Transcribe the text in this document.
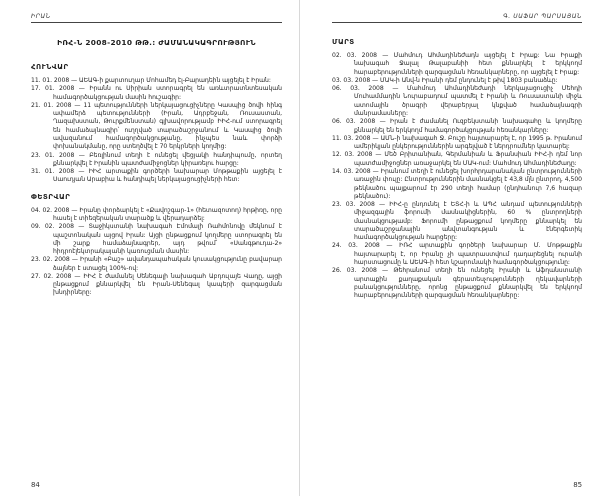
ԻՐԱՆ
ԻՌՀ-Ն 2008-2010 ԹԹ.: ԺԱՄԱՆԱԿԱԳՐՈՒԹՅՈՒՆ
ՀՈՒՆՎԱՐ
11. 01. 2008 — ԱԵԱԳ-ի քարտուղար Մոհամեդ էլ-Բարադեին այցելել է Իրան:
17. 01. 2008 — Իրանն ու Սիրիան ստորագրել են առևտրատնտեսական համագործակցության մասին հուշագիր:
21. 01. 2008 — 11 պետությունների ներկայացուցիչները Կասպից ծովի հինգ ափամերձ պետությունների (Իրան, Ադրբեջան, Ռուսաստան, Ղազախստան, Թուրքմենստան) գլխավորությամբ ԻԻՀ-ում ստորագրել են համաձայնագիր՝ ուղղված տարածաշրջանում և Կասպից ծովի ավազանում համագործակցությանը, ինչպես նաև փորձի փոխանակմանը, որը ստեղծվել է 70 երկրների կողմից:
23. 01. 2008 — Բեռլինում տեղի է ունեցել վեցյակի հանդիպումը, որտեղ քննարկվել է Իրանին պատժամիջոցներ կիրառելու հարցը:
31. 01. 2008 — ԻԻՀ արտաքին գործերի նախարար Մոթթաքին այցելել է Սաուդյան Արաբիա և հանդիպել ներկայացուցիչների հետ:
ՓԵՏՐՎԱՐ
04. 02. 2008 — Իրանը փորձարկել է «Քավոշգար-1» (հետազոտող) հրթիռը, որը հասել է տիեզերական տարածք և վերադարձել:
09. 02. 2008 — Տաջիկստանի նախագահ Էմոմալի Ռահմոնովը մեկնում է պաշտոնական այցով Իրան: Այցի ընթացքում կողմերը ստորագրել են մի շարք համաձայնագրեր, այդ թվում՝ «Սանգթուդա-2» հիդրոէլեկտրակայանի կառուցման մասին:
23. 02. 2008 — Իրանի «Բաշ» ավանդապահական կուսակցությունը բավարար ձայներ է ստացել 100%-ով:
27. 02. 2008 — ԻԻՀ է ժամանել Սենեգալի նախագահ Աբդուլայե Վադը, այցի ընթացքում քննարկվել են Իրան-Սենեգալ կապերի զարգացման խնդիրները:
84
Գ. ՍԱՖԱՐ ՊԱՐՍԱՅԱՆ
ՄԱՐՏ
02. 03. 2008 — Մահմուդ Ահմադինեժադն այցելել է Իրաք: Նա Իրաքի նախագահ Ջալալ Թալաբանիի հետ քննարկել է երկկողմ հարաբերությունների զարգացման հեռանկարները, որ այցելել է Իրաք:
03. 03. 2008 — ՄԱԿ-ի Անվ-ն Իրանի դեմ ընդունել է թիվ 1803 բանաձևը:
06. 03. 2008 — Մահմուդ Ահմադինեժադի ներկայացուցիչ Մեհդի Մուհամմադին Նուրաբադում պատմել է Իրանի և Ռուսաստանի միջև ատոմային ծրագրի վերաբերյալ կնքված համաձայնագրի մանրամասները:
06. 03. 2008 — Իրան է ժամանել Ուզբեկստանի նախագահը և կողմերը քննարկել են երկկողմ համագործակցության հեռանկարները:
11. 03. 2008 — ԱՄՆ-ի նախագահ Ջ. Բուշը հայտարարել է, որ 1995 թ. Իրանում ամերիկյան ընկերություններին արգելված է ներդրումներ կատարել:
12. 03. 2008 — Մեծ Բրիտանիան, Գերմանիան և Ֆրանսիան ԻԻՀ-ի դեմ նոր պատժամիջոցներ առաջարկել են ՄԱԿ-ում: Մահմուդ Ահմադինեժադը:
14. 03. 2008 — Իրանում տեղի է ունեցել խորհրդարանական ընտրությունների առաջին փուլը: Ընտրություններին մասնակցել է 43,8 մլն ընտրող, 4,500 թեկնածու պայքարում էր 290 տեղի համար (ընդհանուր 7,6 հազար թեկնածու):
23. 03. 2008 — ԻԻՀ-ը ընդունել է ԵՏՀ-ի և ԱՊՀ անդամ պետությունների միջազգային ֆորումի մասնակիցներին, 60 % ընտրողների մասնակցությամբ: Ֆորումի ընթացքում կողմերը քննարկել են տարածաշրջանային անվտանգության և էներգետիկ համագործակցության հարցերը:
24. 03. 2008 — ԻՌՀ արտաքին գործերի նախարար Մ. Մոթթաքին հայտարարել է, որ Իրանը չի պատրաստվում դադարեցնել ուրանի հարստացումը և ԱԵԱԳ-ի հետ կշարունակի համագործակցությունը:
26. 03. 2008 — Թեհրանում տեղի են ունեցել Իրանի և Աֆղանստանի արտաքին քաղաքական գերատեսչությունների ղեկավարների բանակցությունները, որոնց ընթացքում քննարկվել են երկկողմ հարաբերությունների զարգացման հեռանկարները:
85
